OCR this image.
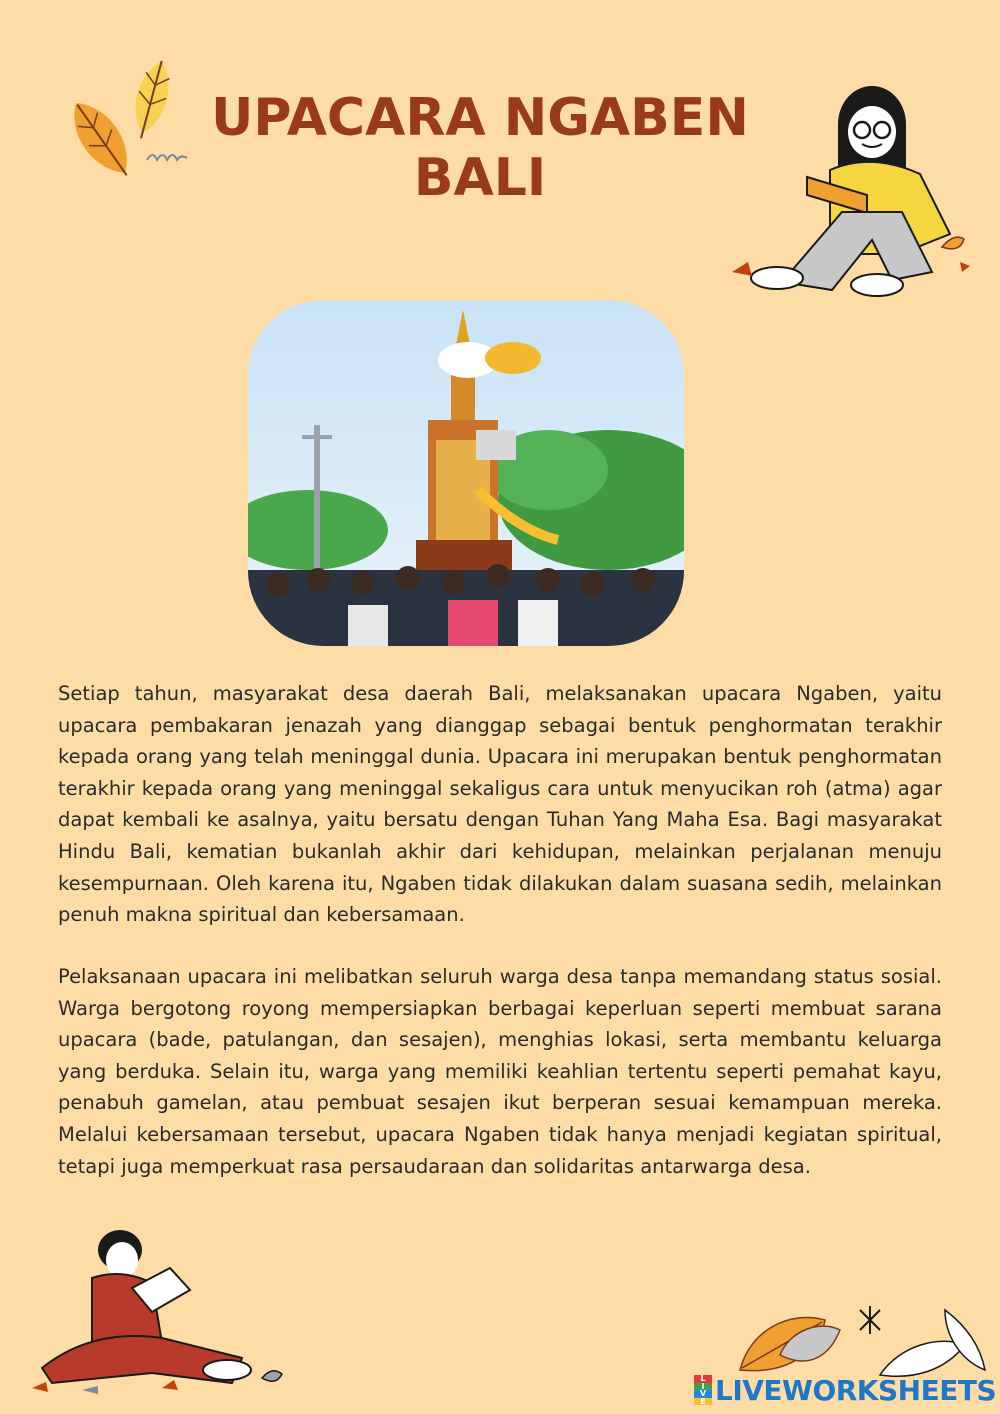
UPACARA NGABEN
BALI

Setiap tahun, masyarakat desa daerah Bali, melaksanakan upacara Ngaben, yaitu upacara pembakaran jenazah yang dianggap sebagai bentuk penghormatan terakhir kepada orang yang telah meninggal dunia. Upacara ini merupakan bentuk penghormatan terakhir kepada orang yang meninggal sekaligus cara untuk menyucikan roh (atma) agar dapat kembali ke asalnya, yaitu bersatu dengan Tuhan Yang Maha Esa. Bagi masyarakat Hindu Bali, kematian bukanlah akhir dari kehidupan, melainkan perjalanan menuju kesempurnaan. Oleh karena itu, Ngaben tidak dilakukan dalam suasana sedih, melainkan penuh makna spiritual dan kebersamaan.

Pelaksanaan upacara ini melibatkan seluruh warga desa tanpa memandang status sosial. Warga bergotong royong mempersiapkan berbagai keperluan seperti membuat sarana upacara (bade, patulangan, dan sesajen), menghias lokasi, serta membantu keluarga yang berduka. Selain itu, warga yang memiliki keahlian tertentu seperti pemahat kayu, penabuh gamelan, atau pembuat sesajen ikut berperan sesuai kemampuan mereka. Melalui kebersamaan tersebut, upacara Ngaben tidak hanya menjadi kegiatan spiritual, tetapi juga memperkuat rasa persaudaraan dan solidaritas antarwarga desa.

L
I
V
E LIVEWORKSHEETS
